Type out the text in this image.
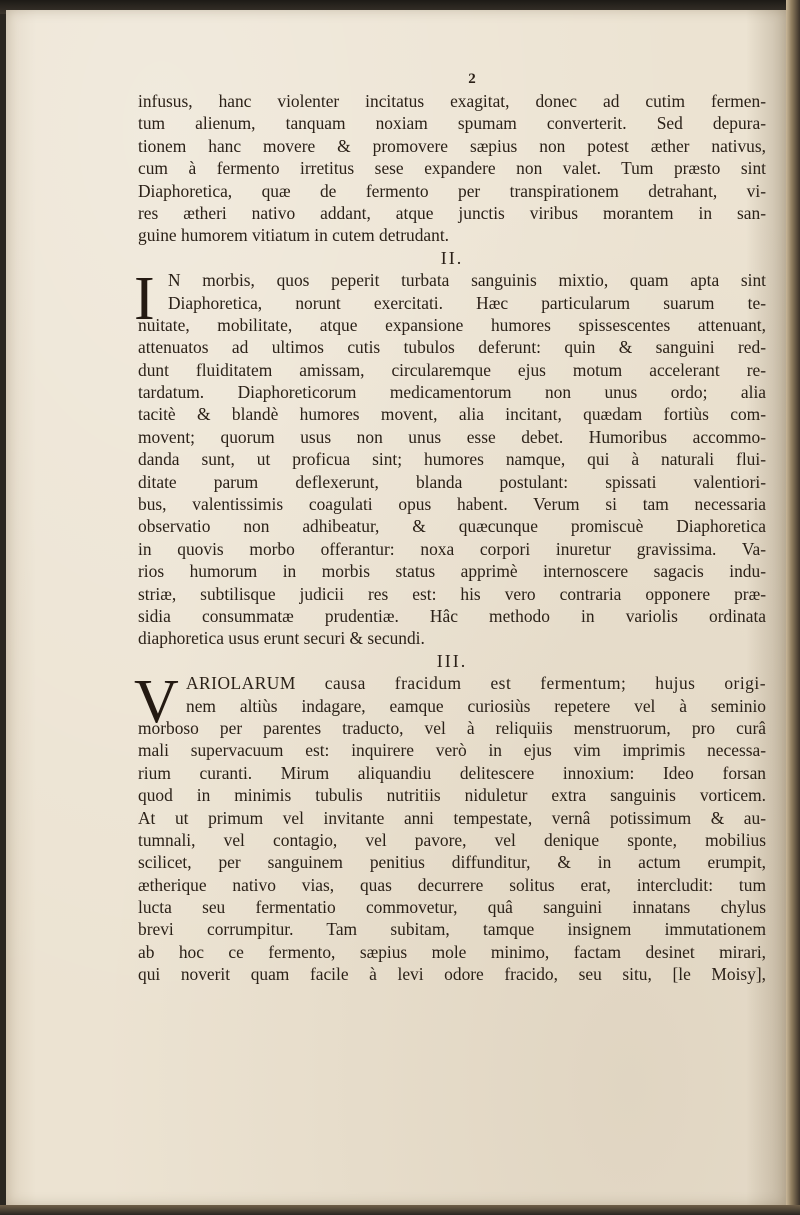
2
infusus, hanc violenter incitatus exagitat, donec ad cutim fermen-
tum alienum, tanquam noxiam spumam converterit. Sed depura-
tionem hanc movere & promovere sæpius non potest æther nativus,
cum à fermento irretitus sese expandere non valet. Tum præsto sint
Diaphoretica, quæ de fermento per transpirationem detrahant, vi-
res ætheri nativo addant, atque junctis viribus morantem in san-
guine humorem vitiatum in cutem detrudant.
II.
I N morbis, quos peperit turbata sanguinis mixtio, quam apta sint
Diaphoretica, norunt exercitati. Hæc particularum suarum te-
nuitate, mobilitate, atque expansione humores spissescentes attenuant,
attenuatos ad ultimos cutis tubulos deferunt: quin & sanguini red-
dunt fluiditatem amissam, circularemque ejus motum accelerant re-
tardatum. Diaphoreticorum medicamentorum non unus ordo; alia
tacitè & blandè humores movent, alia incitant, quædam fortiùs com-
movent; quorum usus non unus esse debet. Humoribus accommo-
danda sunt, ut proficua sint; humores namque, qui à naturali flui-
ditate parum deflexerunt, blanda postulant: spissati valentiori-
bus, valentissimis coagulati opus habent. Verum si tam necessaria
observatio non adhibeatur, & quæcunque promiscuè Diaphoretica
in quovis morbo offerantur: noxa corpori inuretur gravissima. Va-
rios humorum in morbis status apprimè internoscere sagacis indu-
striæ, subtilisque judicii res est: his vero contraria opponere præ-
sidia consummatæ prudentiæ. Hâc methodo in variolis ordinata
diaphoretica usus erunt securi & secundi.
III.
V ARIOLARUM causa fracidum est fermentum; hujus origi-
nem altiùs indagare, eamque curiosiùs repetere vel à seminio
morboso per parentes traducto, vel à reliquiis menstruorum, pro curâ
mali supervacuum est: inquirere verò in ejus vim imprimis necessa-
rium curanti. Mirum aliquandiu delitescere innoxium: Ideo forsan
quod in minimis tubulis nutritiis niduletur extra sanguinis vorticem.
At ut primum vel invitante anni tempestate, vernâ potissimum & au-
tumnali, vel contagio, vel pavore, vel denique sponte, mobilius
scilicet, per sanguinem penitius diffunditur, & in actum erumpit,
ætherique nativo vias, quas decurrere solitus erat, intercludit: tum
lucta seu fermentatio commovetur, quâ sanguini innatans chylus
brevi corrumpitur. Tam subitam, tamque insignem immutationem
ab hoc ce fermento, sæpius mole minimo, factam desinet mirari,
qui noverit quam facile à levi odore fracido, seu situ, [le Moisy],
